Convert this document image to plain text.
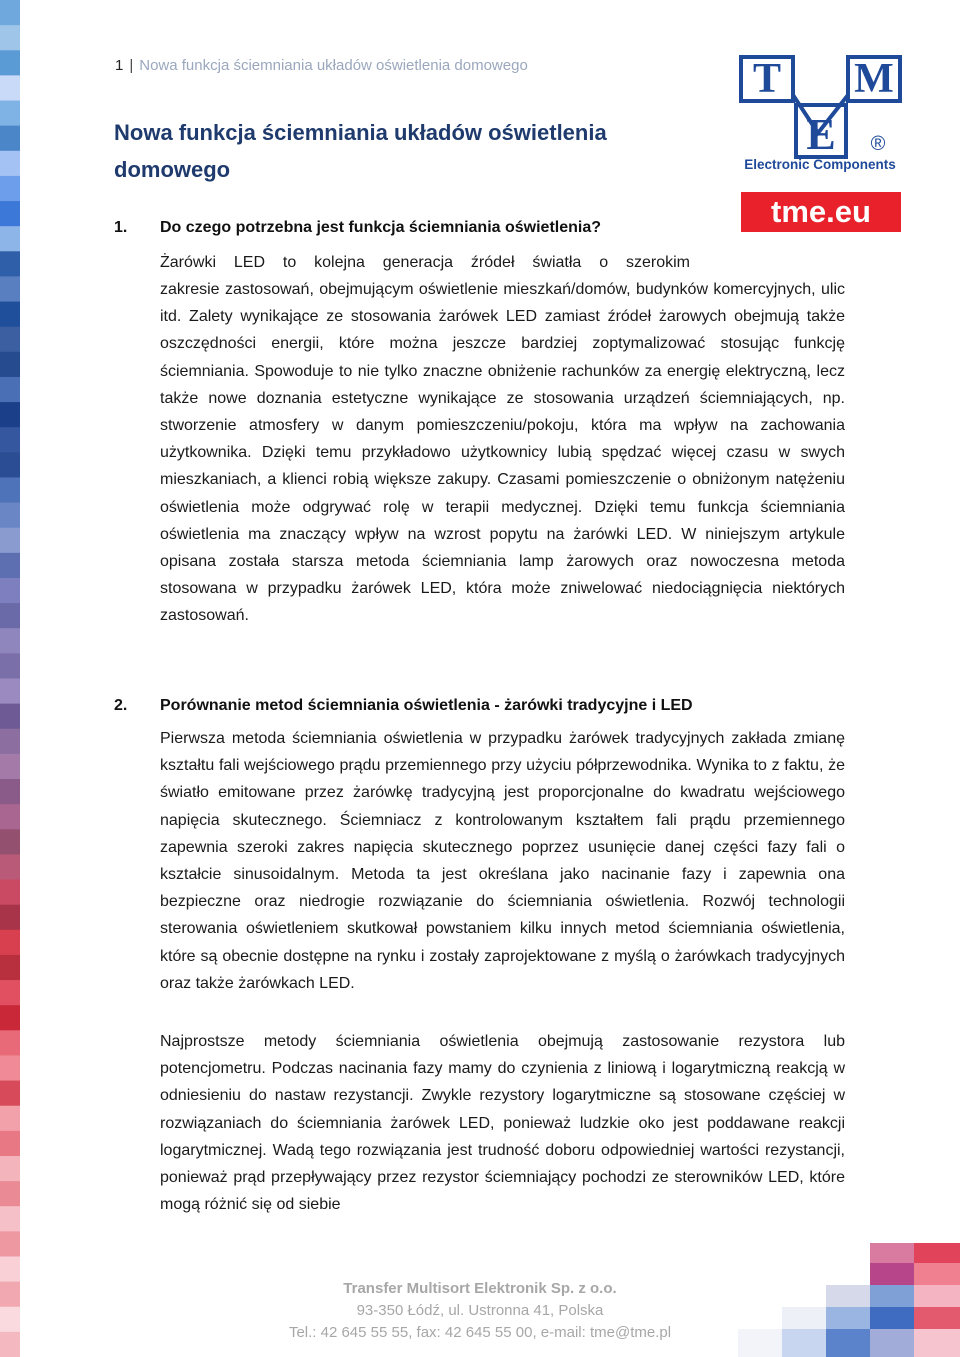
1 | Nowa funkcja ściemniania układów oświetlenia domowego
Nowa funkcja ściemniania układów oświetlenia domowego
T M
E ®
Electronic Components
tme.eu
1. Do czego potrzebna jest funkcja ściemniania oświetlenia?
Żarówki LED to kolejna generacja źródeł światła o szerokim

zakresie zastosowań, obejmującym oświetlenie mieszkań/domów, budynków komercyjnych, ulic itd. Zalety wynikające ze stosowania żarówek LED zamiast źródeł żarowych obejmują także oszczędności energii, które można jeszcze bardziej zoptymalizować stosując funkcję ściemniania. Spowoduje to nie tylko znaczne obniżenie rachunków za energię elektryczną, lecz także nowe doznania estetyczne wynikające ze stosowania urządzeń ściemniających, np. stworzenie atmosfery w danym pomieszczeniu/pokoju, która ma wpływ na zachowania użytkownika. Dzięki temu przykładowo użytkownicy lubią spędzać więcej czasu w swych mieszkaniach, a klienci robią większe zakupy. Czasami pomieszczenie o obniżonym natężeniu oświetlenia może odgrywać rolę w terapii medycznej. Dzięki temu funkcja ściemniania oświetlenia ma znaczący wpływ na wzrost popytu na żarówki LED. W niniejszym artykule opisana została starsza metoda ściemniania lamp żarowych oraz nowoczesna metoda stosowana w przypadku żarówek LED, która może zniwelować niedociągnięcia niektórych zastosowań.

2. Porównanie metod ściemniania oświetlenia - żarówki tradycyjne i LED

Pierwsza metoda ściemniania oświetlenia w przypadku żarówek tradycyjnych zakłada zmianę kształtu fali wejściowego prądu przemiennego przy użyciu półprzewodnika. Wynika to z faktu, że światło emitowane przez żarówkę tradycyjną jest proporcjonalne do kwadratu wejściowego napięcia skutecznego. Ściemniacz z kontrolowanym kształtem fali prądu przemiennego zapewnia szeroki zakres napięcia skutecznego poprzez usunięcie danej części fazy fali o kształcie sinusoidalnym. Metoda ta jest określana jako nacinanie fazy i zapewnia ona bezpieczne oraz niedrogie rozwiązanie do ściemniania oświetlenia. Rozwój technologii sterowania oświetleniem skutkował powstaniem kilku innych metod ściemniania oświetlenia, które są obecnie dostępne na rynku i zostały zaprojektowane z myślą o żarówkach tradycyjnych oraz także żarówkach LED.

Najprostsze metody ściemniania oświetlenia obejmują zastosowanie rezystora lub potencjometru. Podczas nacinania fazy mamy do czynienia z liniową i logarytmiczną reakcją w odniesieniu do nastaw rezystancji. Zwykle rezystory logarytmiczne są stosowane częściej w rozwiązaniach do ściemniania żarówek LED, ponieważ ludzkie oko jest poddawane reakcji logarytmicznej. Wadą tego rozwiązania jest trudność doboru odpowiedniej wartości rezystancji, ponieważ prąd przepływający przez rezystor ściemniający pochodzi ze sterowników LED, które mogą różnić się od siebie

Transfer Multisort Elektronik Sp. z o.o.
93-350 Łódź, ul. Ustronna 41, Polska
Tel.: 42 645 55 55, fax: 42 645 55 00, e-mail: tme@tme.pl
